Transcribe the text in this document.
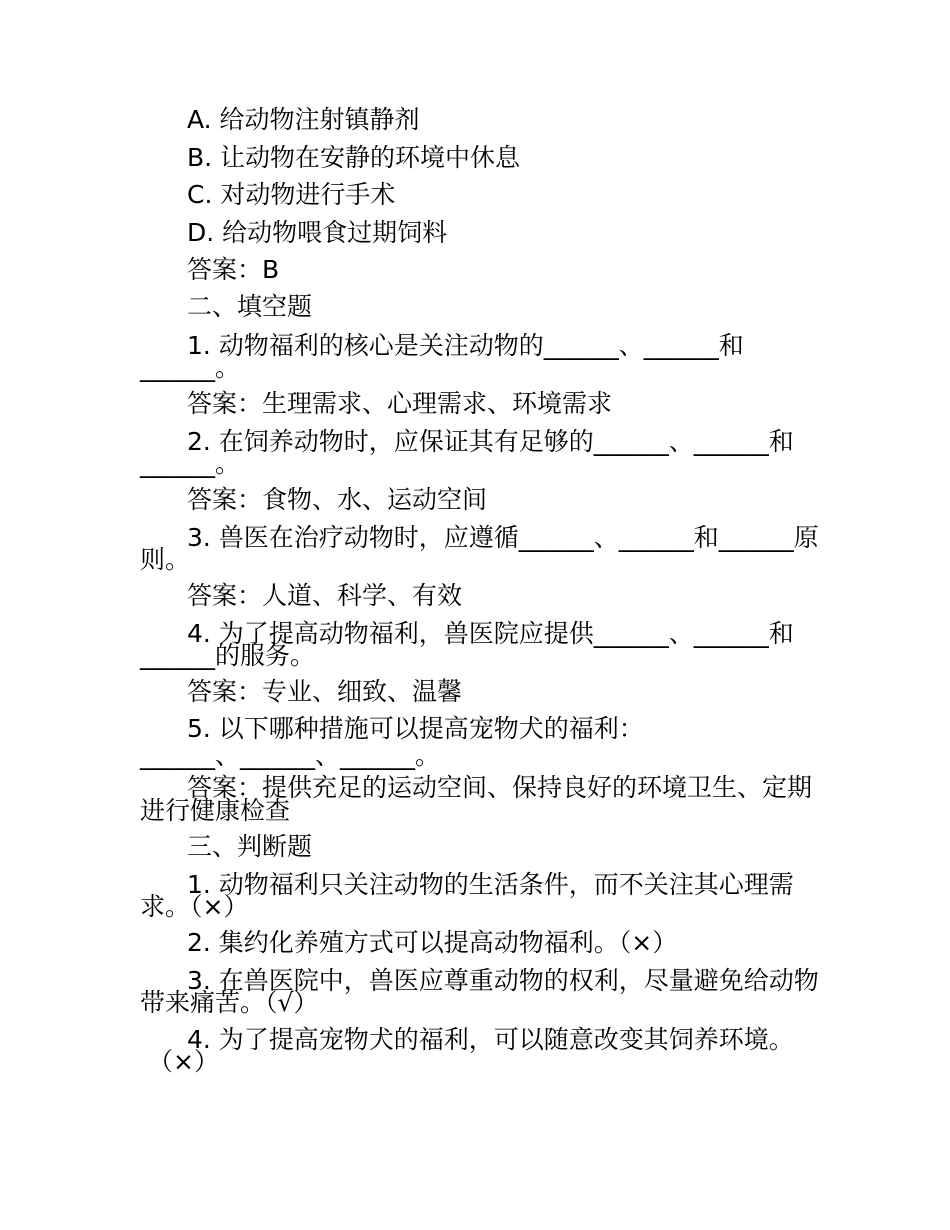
A. 给动物注射镇静剂
B. 让动物在安静的环境中休息
C. 对动物进行手术
D. 给动物喂食过期饲料
答案：B
二、填空题
1. 动物福利的核心是关注动物的______、______和
______。
答案：生理需求、心理需求、环境需求
2. 在饲养动物时，应保证其有足够的______、______和
______。
答案：食物、水、运动空间
3. 兽医在治疗动物时，应遵循______、______和______原
则。
答案：人道、科学、有效
4. 为了提高动物福利，兽医院应提供______、______和
______的服务。
答案：专业、细致、温馨
5. 以下哪种措施可以提高宠物犬的福利：
______、______、______。
答案：提供充足的运动空间、保持良好的环境卫生、定期
进行健康检查
三、判断题
1. 动物福利只关注动物的生活条件，而不关注其心理需
求。（×）
2. 集约化养殖方式可以提高动物福利。（×）
3. 在兽医院中，兽医应尊重动物的权利，尽量避免给动物
带来痛苦。（√）
4. 为了提高宠物犬的福利，可以随意改变其饲养环境。
（×）
